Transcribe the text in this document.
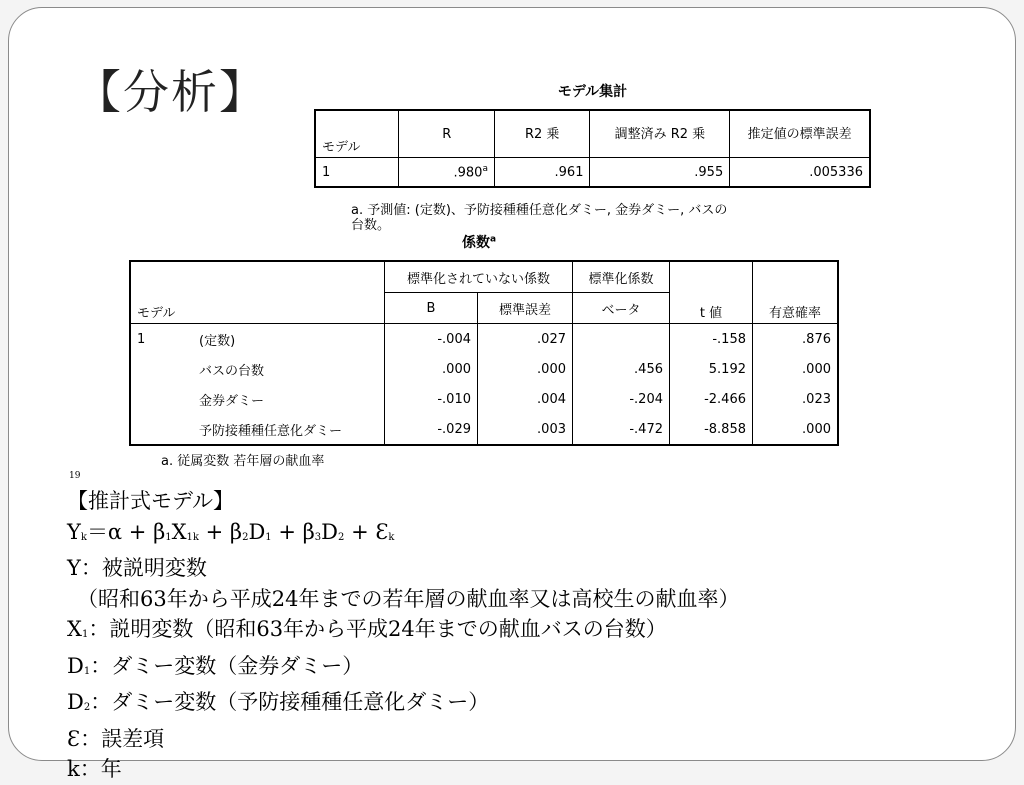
【分析】	モデル集計
モデル	R	R2 乗	調整済み R2 乗	推定値の標準誤差
1	.980$^a$	.961	.955	.005336
a. 予測値: (定数)、予防接種種任意化ダミー, 金券ダミー, バスの
台数。
係数$^a$
モデル		標準化されていない係数		標準化係数	t 値	有意確率
		B	標準誤差	ベータ		
1	(定数)	-.004	.027		-.158	.876
	バスの台数	.000	.000	.456	5.192	.000
	金券ダミー	-.010	.004	-.204	-2.466	.023
	予防接種種任意化ダミー	-.029	.003	-.472	-8.858	.000
a. 従属変数 若年層の献血率
19
【推計式モデル】
Yk＝α + β1X1k + β2D1 + β3D2 + Ɛk
Y：被説明変数
（昭和63年から平成24年までの若年層の献血率又は高校生の献血率）
X1：説明変数（昭和63年から平成24年までの献血バスの台数）
D1：ダミー変数（金券ダミー）
D2：ダミー変数（予防接種種任意化ダミー）
Ɛ：誤差項
k：年
